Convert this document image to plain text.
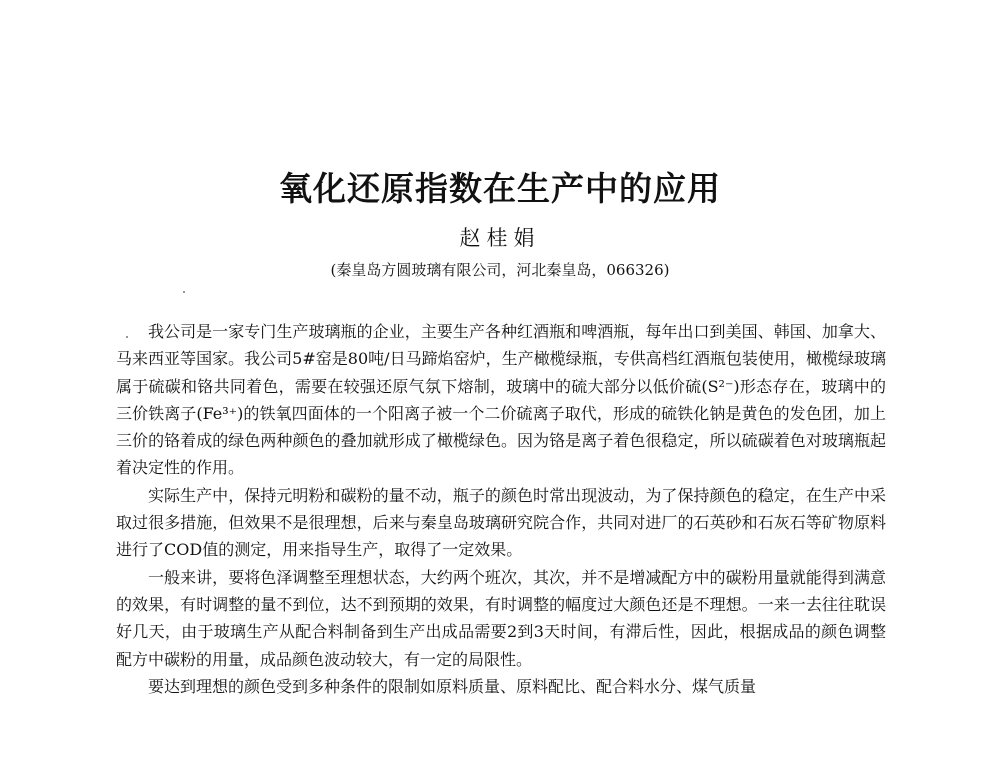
氧化还原指数在生产中的应用
赵桂娟
(秦皇岛方圆玻璃有限公司，河北秦皇岛，066326)

我公司是一家专门生产玻璃瓶的企业，主要生产各种红酒瓶和啤酒瓶，每年出口到美国、韩国、加拿大、马来西亚等国家。我公司5#窑是80吨/日马蹄焰窑炉，生产橄榄绿瓶，专供高档红酒瓶包装使用，橄榄绿玻璃属于硫碳和铬共同着色，需要在较强还原气氛下熔制，玻璃中的硫大部分以低价硫(S²⁻)形态存在，玻璃中的三价铁离子(Fe³⁺)的铁氧四面体的一个阳离子被一个二价硫离子取代，形成的硫铁化钠是黄色的发色团，加上三价的铬着成的绿色两种颜色的叠加就形成了橄榄绿色。因为铬是离子着色很稳定，所以硫碳着色对玻璃瓶起着决定性的作用。

实际生产中，保持元明粉和碳粉的量不动，瓶子的颜色时常出现波动，为了保持颜色的稳定，在生产中采取过很多措施，但效果不是很理想，后来与秦皇岛玻璃研究院合作，共同对进厂的石英砂和石灰石等矿物原料进行了COD值的测定，用来指导生产，取得了一定效果。

一般来讲，要将色泽调整至理想状态，大约两个班次，其次，并不是增减配方中的碳粉用量就能得到满意的效果，有时调整的量不到位，达不到预期的效果，有时调整的幅度过大颜色还是不理想。一来一去往往耽误好几天，由于玻璃生产从配合料制备到生产出成品需要2到3天时间，有滞后性，因此，根据成品的颜色调整配方中碳粉的用量，成品颜色波动较大，有一定的局限性。

要达到理想的颜色受到多种条件的限制如原料质量、原料配比、配合料水分、煤气质量
